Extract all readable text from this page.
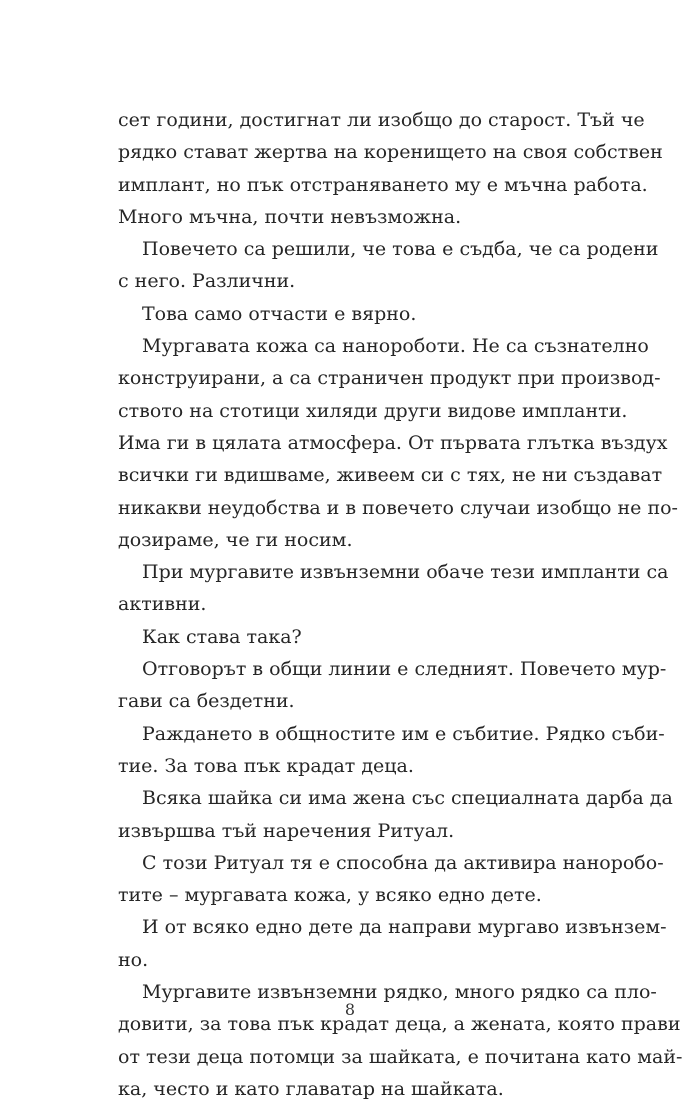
сет години, достигнат ли изобщо до старост. Тъй че
рядко стават жертва на коренището на своя собствен
имплант, но пък отстраняването му е мъчна работа.
Много мъчна, почти невъзможна.
Повечето са решили, че това е съдба, че са родени
с него. Различни.
Това само отчасти е вярно.
Мургавата кожа са нанороботи. Не са съзнателно
конструирани, а са страничен продукт при производ-
ството на стотици хиляди други видове импланти.
Има ги в цялата атмосфера. От първата глътка въздух
всички ги вдишваме, живеем си с тях, не ни създават
никакви неудобства и в повечето случаи изобщо не по-
дозираме, че ги носим.
При мургавите извънземни обаче тези импланти са
активни.
Как става така?
Отговорът в общи линии е следният. Повечето мур-
гави са бездетни.
Раждането в общностите им е събитие. Рядко съби-
тие. За това пък крадат деца.
Всяка шайка си има жена със специалната дарба да
извършва тъй наречения Ритуал.
С този Ритуал тя е способна да активира наноробо-
тите – мургавата кожа, у всяко едно дете.
И от всяко едно дете да направи мургаво извънзем-
но.
Мургавите извънземни рядко, много рядко са пло-
довити, за това пък крадат деца, а жената, която прави
от тези деца потомци за шайката, е почитана като май-
ка, често и като главатар на шайката.
8
